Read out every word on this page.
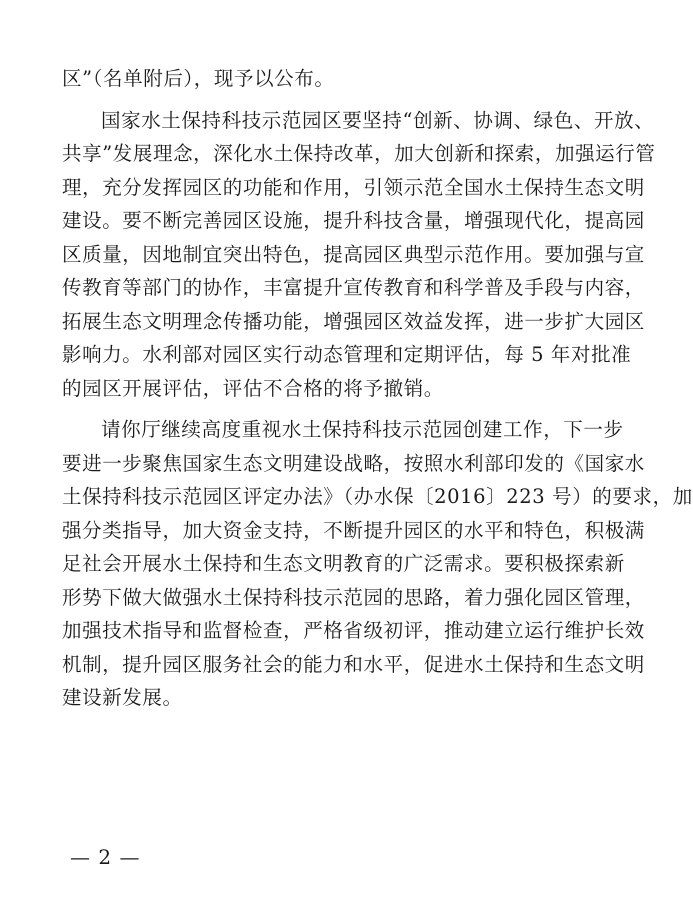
区”（名单附后），现予以公布。

国家水土保持科技示范园区要坚持“创新、协调、绿色、开放、
共享”发展理念，深化水土保持改革，加大创新和探索，加强运行管
理，充分发挥园区的功能和作用，引领示范全国水土保持生态文明
建设。要不断完善园区设施，提升科技含量，增强现代化，提高园
区质量，因地制宜突出特色，提高园区典型示范作用。要加强与宣
传教育等部门的协作，丰富提升宣传教育和科学普及手段与内容，
拓展生态文明理念传播功能，增强园区效益发挥，进一步扩大园区
影响力。水利部对园区实行动态管理和定期评估，每 5 年对批准
的园区开展评估，评估不合格的将予撤销。

请你厅继续高度重视水土保持科技示范园创建工作，下一步
要进一步聚焦国家生态文明建设战略，按照水利部印发的《国家水
土保持科技示范园区评定办法》（办水保〔2016〕223 号）的要求，加
强分类指导，加大资金支持，不断提升园区的水平和特色，积极满
足社会开展水土保持和生态文明教育的广泛需求。要积极探索新
形势下做大做强水土保持科技示范园的思路，着力强化园区管理，
加强技术指导和监督检查，严格省级初评，推动建立运行维护长效
机制，提升园区服务社会的能力和水平，促进水土保持和生态文明
建设新发展。

— 2 —
